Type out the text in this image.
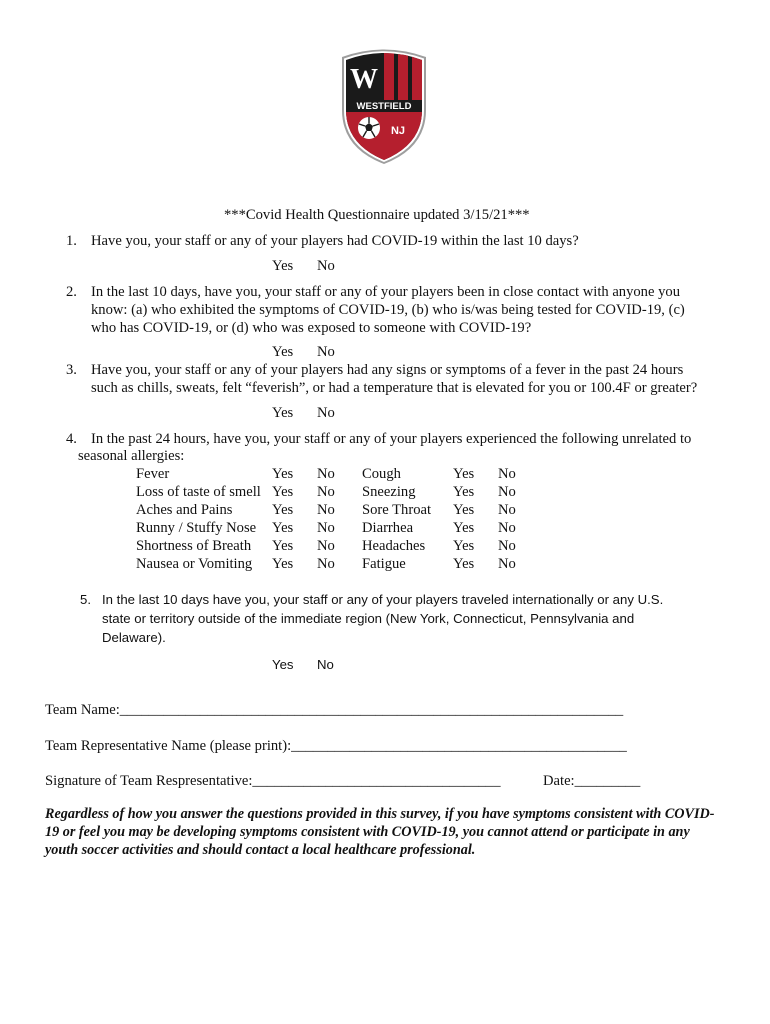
W
WESTFIELD
NJ
***Covid Health Questionnaire updated 3/15/21***
1. Have you, your staff or any of your players had COVID-19 within the last 10 days?
Yes No
2. In the last 10 days, have you, your staff or any of your players been in close contact with anyone you
know: (a) who exhibited the symptoms of COVID-19, (b) who is/was being tested for COVID-19, (c)
who has COVID-19, or (d) who was exposed to someone with COVID-19?
Yes No
3. Have you, your staff or any of your players had any signs or symptoms of a fever in the past 24 hours
such as chills, sweats, felt “feverish”, or had a temperature that is elevated for you or 100.4F or greater?
Yes No
4. In the past 24 hours, have you, your staff or any of your players experienced the following unrelated to
seasonal allergies:
Fever
Loss of taste of smell
Aches and Pains
Runny / Stuffy Nose
Shortness of Breath
Nausea or Vomiting
Yes
Yes
Yes
Yes
Yes
Yes
No
No
No
No
No
No
Cough
Sneezing
Sore Throat
Diarrhea
Headaches
Fatigue
Yes
Yes
Yes
Yes
Yes
Yes
No
No
No
No
No
No
5. In the last 10 days have you, your staff or any of your players traveled internationally or any U.S.
state or territory outside of the immediate region (New York, Connecticut, Pennsylvania and
Delaware).
Yes No
Team Name:_____________________________________________________________________
Team Representative Name (please print):______________________________________________
Signature of Team Respresentative:__________________________________	Date:_________
Regardless of how you answer the questions provided in this survey, if you have symptoms consistent with COVID-19 or feel you may be developing symptoms consistent with COVID-19, you cannot attend or participate in any youth soccer activities and should contact a local healthcare professional.
